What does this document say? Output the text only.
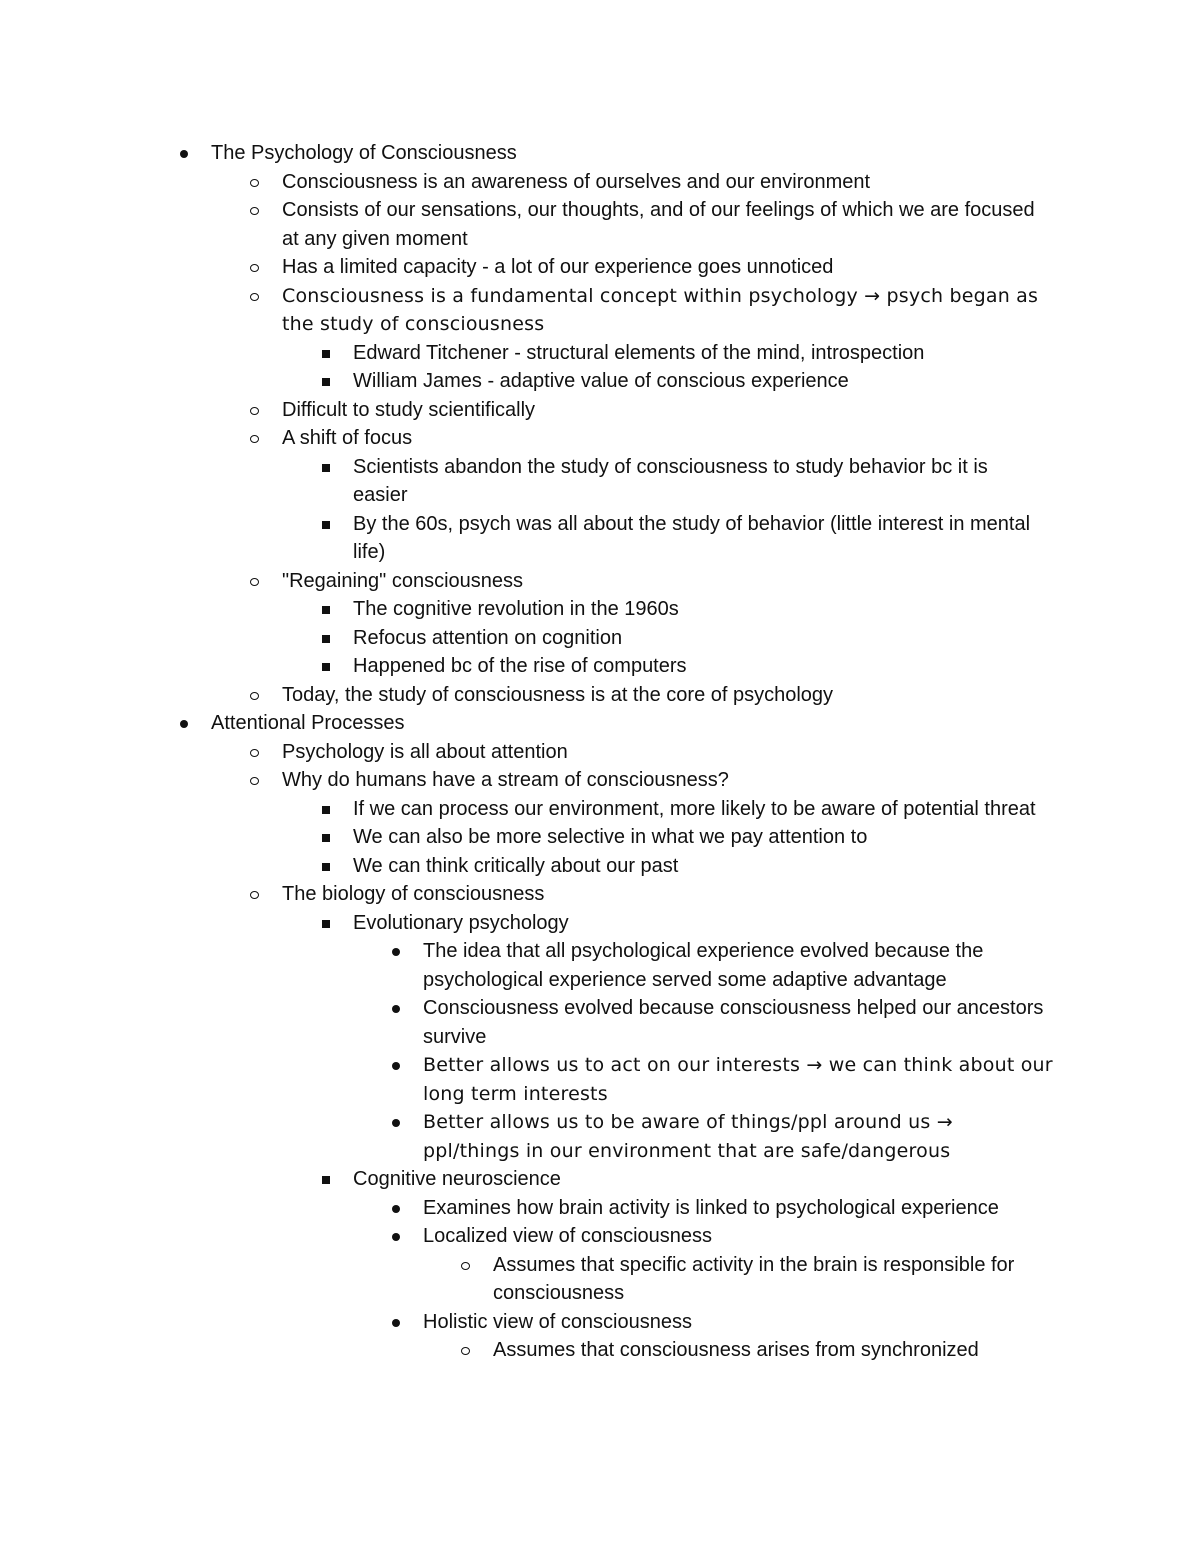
The Psychology of Consciousness
Consciousness is an awareness of ourselves and our environment
Consists of our sensations, our thoughts, and of our feelings of which we are focused at any given moment
Has a limited capacity - a lot of our experience goes unnoticed
Consciousness is a fundamental concept within psychology → psych began as the study of consciousness
Edward Titchener - structural elements of the mind, introspection
William James - adaptive value of conscious experience
Difficult to study scientifically
A shift of focus
Scientists abandon the study of consciousness to study behavior bc it is easier
By the 60s, psych was all about the study of behavior (little interest in mental life)
"Regaining" consciousness
The cognitive revolution in the 1960s
Refocus attention on cognition
Happened bc of the rise of computers
Today, the study of consciousness is at the core of psychology
Attentional Processes
Psychology is all about attention
Why do humans have a stream of consciousness?
If we can process our environment, more likely to be aware of potential threat
We can also be more selective in what we pay attention to
We can think critically about our past
The biology of consciousness
Evolutionary psychology
The idea that all psychological experience evolved because the psychological experience served some adaptive advantage
Consciousness evolved because consciousness helped our ancestors survive
Better allows us to act on our interests → we can think about our long term interests
Better allows us to be aware of things/ppl around us → ppl/things in our environment that are safe/dangerous
Cognitive neuroscience
Examines how brain activity is linked to psychological experience
Localized view of consciousness
Assumes that specific activity in the brain is responsible for consciousness
Holistic view of consciousness
Assumes that consciousness arises from synchronized
